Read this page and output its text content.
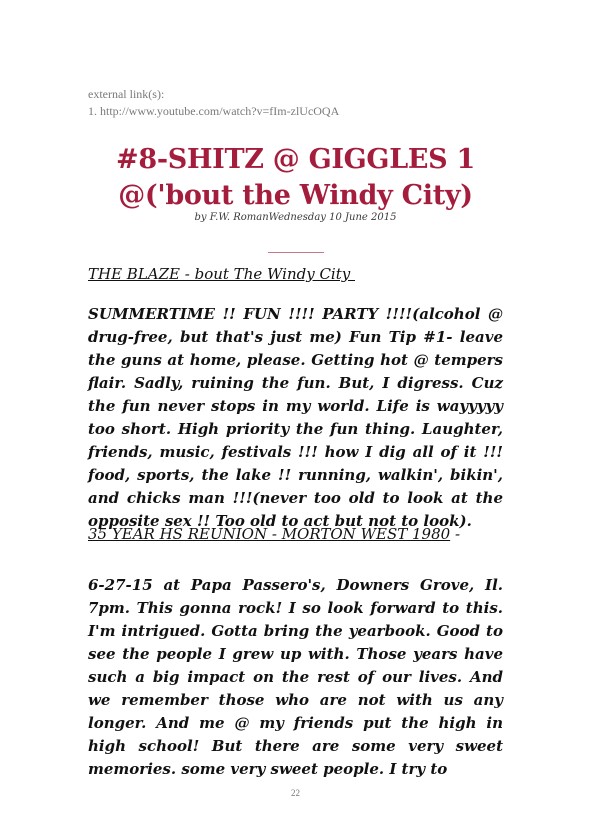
external link(s):
1. http://www.youtube.com/watch?v=fIm-zlUcOQA
#8-SHITZ @ GIGGLES 1
@('bout the Windy City)
by F.W. RomanWednesday 10 June 2015
———————
THE BLAZE - bout The Windy City

SUMMERTIME !! FUN !!!! PARTY !!!!(alcohol @ drug-free, but that's just me) Fun Tip #1- leave the guns at home, please. Getting hot @ tempers flair. Sadly, ruining the fun. But, I digress. Cuz the fun never stops in my world. Life is wayyyyy too short. High priority the fun thing. Laughter, friends, music, festivals !!! how I dig all of it !!! food, sports, the lake !! running, walkin', bikin', and chicks man !!!(never too old to look at the opposite sex !! Too old to act but not to look).

35 YEAR HS REUNION - MORTON WEST 1980 -

6-27-15 at Papa Passero's, Downers Grove, Il. 7pm. This gonna rock! I so look forward to this. I'm intrigued. Gotta bring the yearbook. Good to see the people I grew up with. Those years have such a big impact on the rest of our lives. And we remember those who are not with us any longer. And me @ my friends put the high in high school! But there are some very sweet memories. some very sweet people. I try to

22
